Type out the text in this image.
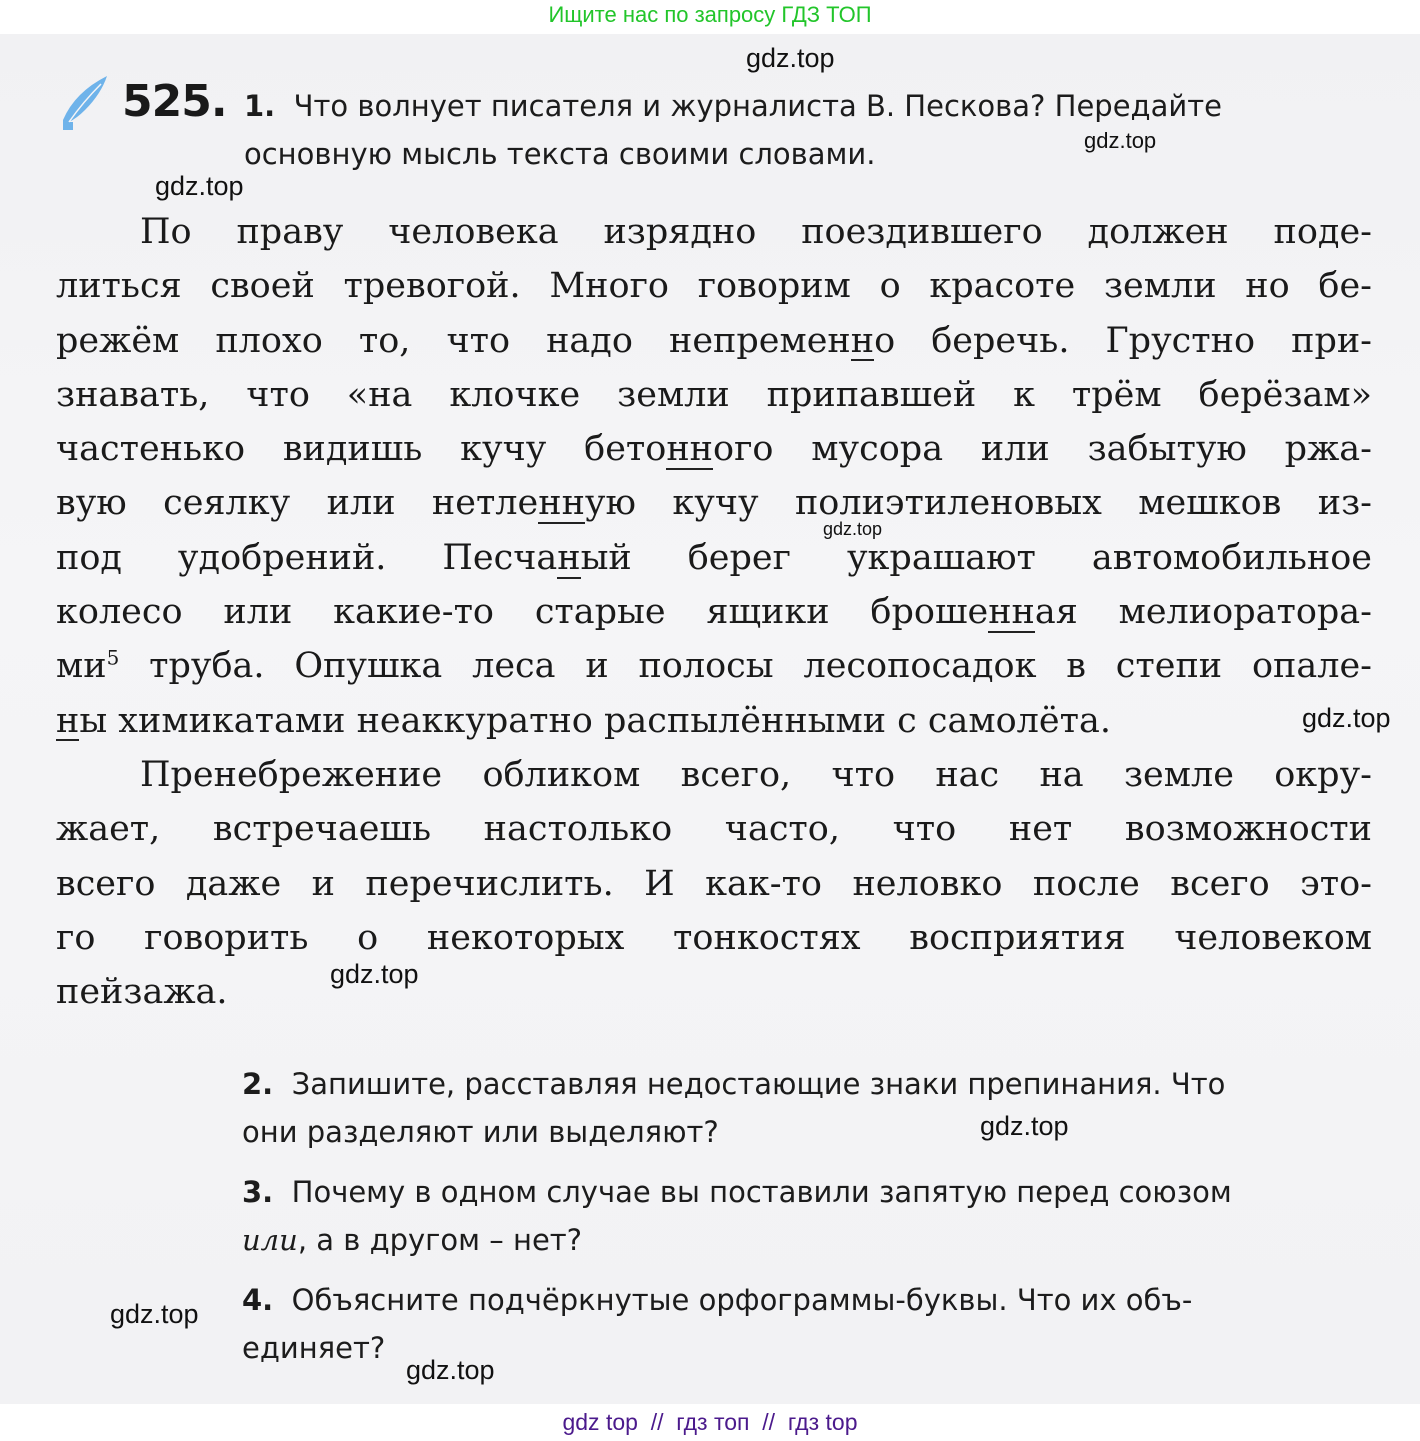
Ищите нас по запросу ГДЗ ТОП
525. 1. Что волнует писателя и журналиста В. Пескова? Передайте
основную мысль текста своими словами.
По праву человека изрядно поездившего должен поде-
литься своей тревогой. Много говорим о красоте земли но бе-
режём плохо то, что надо непременно беречь. Грустно при-
знавать, что «на клочке земли припавшей к трём берёзам»
частенько видишь кучу бетонного мусора или забытую ржа-
вую сеялку или нетленную кучу полиэтиленовых мешков из-
под удобрений. Песчаный берег украшают автомобильное
колесо или какие-то старые ящики брошенная мелиоратора-
$ми^5$ труба. Опушка леса и полосы лесопосадок в степи опале-
ны химикатами неаккуратно распылёнными с самолёта.
Пренебрежение обликом всего, что нас на земле окру-
жает, встречаешь настолько часто, что нет возможности
всего даже и перечислить. И как-то неловко после всего это-
го говорить о некоторых тонкостях восприятия человеком
пейзажа.
2. Запишите, расставляя недостающие знаки препинания. Что
они разделяют или выделяют?
3. Почему в одном случае вы поставили запятую перед союзом
или, а в другом – нет?
4. Объясните подчёркнутые орфограммы-буквы. Что их объ-
единяет?
gdz.top
gdz.top
gdz.top
gdz.top
gdz.top
gdz.top
gdz.top
gdz.top
gdz.top
gdz top  //  гдз топ  //  гдз top
